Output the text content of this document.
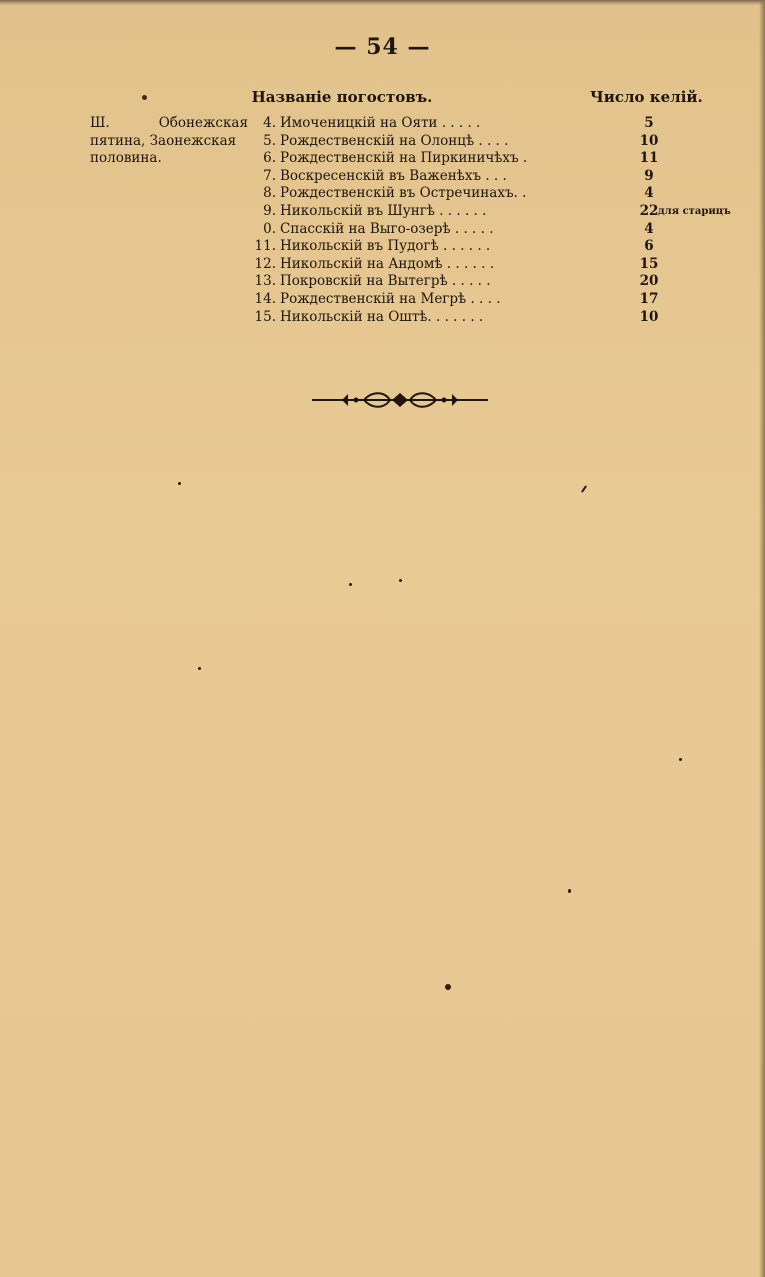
— 54 —
Названіе погостовъ.	Число келій.
Ш.	Обонежская
пятина, Заонежская
половина.
4. Имоченицкій на Ояти . . . . .	5
5. Рождественскій на Олонцѣ . . . .	10
6. Рождественскій на Пиркиничѣхъ .	11
7. Воскресенскій въ Важенѣхъ . . .	9
8. Рождественскій въ Остречинахъ. .	4
9. Никольскій въ Шунгѣ . . . . . .	22 для старицъ
0. Спасскій на Выго-озерѣ . . . . .	4
11. Никольскій въ Пудогѣ . . . . . .	6
12. Никольскій на Андомѣ . . . . . .	15
13. Покровскій на Вытегрѣ . . . . .	20
14. Рождественскій на Мегрѣ . . . .	17
15. Никольскій на Оштѣ. . . . . . .	10
